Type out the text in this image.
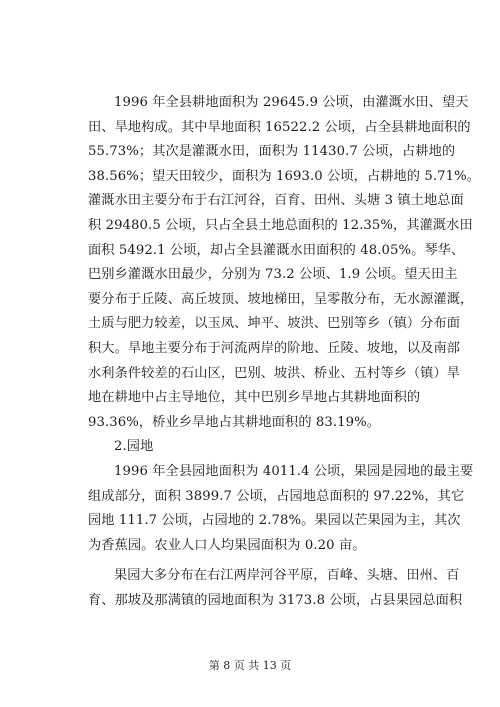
1996 年全县耕地面积为 29645.9 公顷，由灌溉水田、望天
田、旱地构成。其中旱地面积 16522.2 公顷，占全县耕地面积的
55.73%；其次是灌溉水田，面积为 11430.7 公顷，占耕地的
38.56%；望天田较少，面积为 1693.0 公顷，占耕地的 5.71%。
灌溉水田主要分布于右江河谷，百育、田州、头塘 3 镇土地总面
积 29480.5 公顷，只占全县土地总面积的 12.35%，其灌溉水田
面积 5492.1 公顷，却占全县灌溉水田面积的 48.05%。琴华、
巴别乡灌溉水田最少，分别为 73.2 公顷、1.9 公顷。望天田主
要分布于丘陵、高丘坡顶、坡地梯田，呈零散分布，无水源灌溉，
土质与肥力较差，以玉凤、坤平、坡洪、巴别等乡（镇）分布面
积大。旱地主要分布于河流两岸的阶地、丘陵、坡地，以及南部
水利条件较差的石山区，巴别、坡洪、桥业、五村等乡（镇）旱
地在耕地中占主导地位，其中巴别乡旱地占其耕地面积的
93.36%，桥业乡旱地占其耕地面积的 83.19%。
2.园地
1996 年全县园地面积为 4011.4 公顷，果园是园地的最主要
组成部分，面积 3899.7 公顷，占园地总面积的 97.22%，其它
园地 111.7 公顷，占园地的 2.78%。果园以芒果园为主，其次
为香蕉园。农业人口人均果园面积为 0.20 亩。
果园大多分布在右江两岸河谷平原，百峰、头塘、田州、百
育、那坡及那满镇的园地面积为 3173.8 公顷，占县果园总面积
第 8 页 共 13 页
